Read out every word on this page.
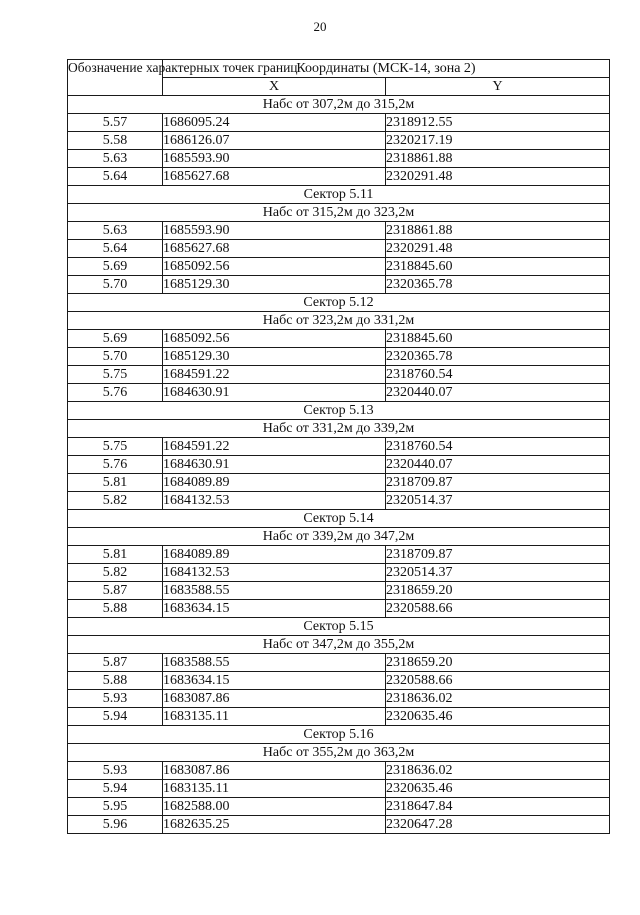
20
Обозначение характерных точек границ	Координаты (МСК-14, зона 2)	
	X	Y
Набс от 307,2м до 315,2м		
5.57	1686095.24	2318912.55
5.58	1686126.07	2320217.19
5.63	1685593.90	2318861.88
5.64	1685627.68	2320291.48
Сектор 5.11		
Набс от 315,2м до 323,2м		
5.63	1685593.90	2318861.88
5.64	1685627.68	2320291.48
5.69	1685092.56	2318845.60
5.70	1685129.30	2320365.78
Сектор 5.12		
Набс от 323,2м до 331,2м		
5.69	1685092.56	2318845.60
5.70	1685129.30	2320365.78
5.75	1684591.22	2318760.54
5.76	1684630.91	2320440.07
Сектор 5.13		
Набс от 331,2м до 339,2м		
5.75	1684591.22	2318760.54
5.76	1684630.91	2320440.07
5.81	1684089.89	2318709.87
5.82	1684132.53	2320514.37
Сектор 5.14		
Набс от 339,2м до 347,2м		
5.81	1684089.89	2318709.87
5.82	1684132.53	2320514.37
5.87	1683588.55	2318659.20
5.88	1683634.15	2320588.66
Сектор 5.15		
Набс от 347,2м до 355,2м		
5.87	1683588.55	2318659.20
5.88	1683634.15	2320588.66
5.93	1683087.86	2318636.02
5.94	1683135.11	2320635.46
Сектор 5.16		
Набс от 355,2м до 363,2м		
5.93	1683087.86	2318636.02
5.94	1683135.11	2320635.46
5.95	1682588.00	2318647.84
5.96	1682635.25	2320647.28
